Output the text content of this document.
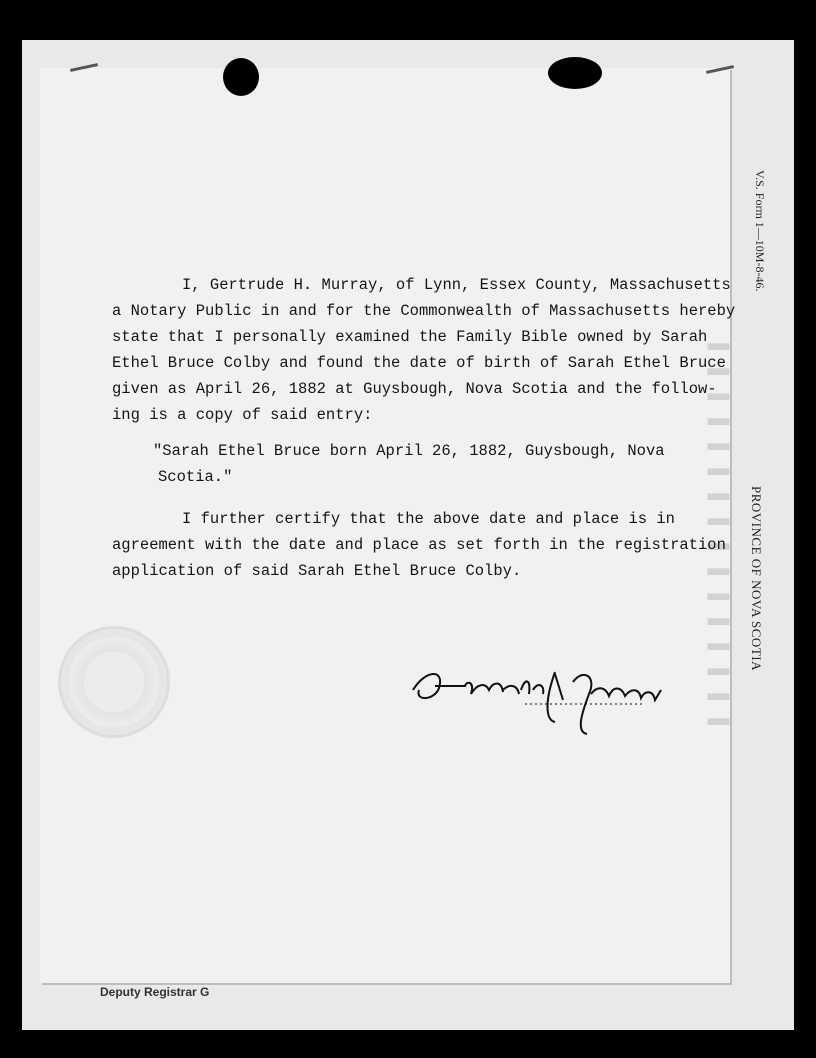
▬▬▬▬▬▬▬▬▬▬▬▬▬▬▬▬
V.S. Form 1—10M-8-46.
PROVINCE OF NOVA SCOTIA
I, Gertrude H. Murray, of Lynn, Essex County, Massachusetts
a Notary Public in and for the Commonwealth of Massachusetts hereby
state that I personally examined the Family Bible owned by Sarah
Ethel Bruce Colby and found the date of birth of Sarah Ethel Bruce
given as April 26, 1882 at Guysbough, Nova Scotia and the follow-
ing is a copy of said entry:
"Sarah Ethel Bruce born April 26, 1882, Guysbough, Nova
Scotia."
I further certify that the above date and place is in
agreement with the date and place as set forth in the registration
application of said Sarah Ethel Bruce Colby.
Deputy Registrar G
